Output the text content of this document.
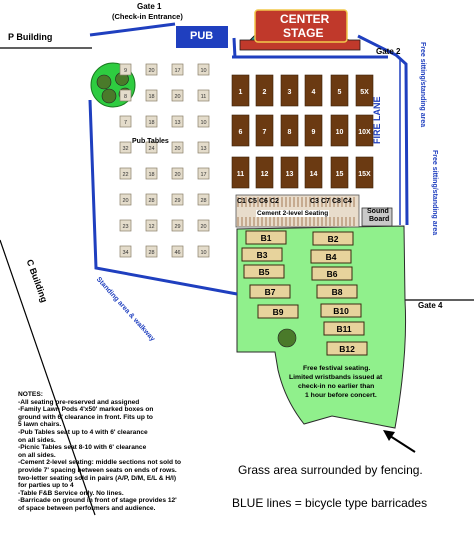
9	20	17	10
8	18	20	11
7	18	13	10
32	24	20	13
22	18	20	17
20	28	29	28
23	12	29	20
34	28	46	10
1	2	3	4	5	5X
6	7	8	9	10 10X
11 12 13 14	15 15X
B1	B2
B3	B4
B5	B6
B7	B8
B9	B10
B11
B12
C1 C5 C6 C2	C3 C7 C8 C4
P Building
Gate 1
(Check-in Entrance)
PUB
CENTER
STAGE
Gate 2
Gate 4
Pub Tables	FIRE LANE	Free sitting/standing area
Free sitting/standing area
Cement 2-level Seating	Sound
Board
C Building	Standing area & walkway
Free festival seating.
Limited wristbands issued at
check-in no earlier than
1 hour before concert.
Grass area surrounded by fencing.
BLUE lines = bicycle type barricades
NOTES:
-All seating pre-reserved and assigned
-Family Lawn Pods 4'x50' marked boxes on
ground with 6' clearance in front. Fits up to
5 lawn chairs.
-Pub Tables seat up to 4 with 6' clearance
on all sides.
-Picnic Tables seat 8-10 with 6' clearance
on all sides.
-Cement 2-level seating: middle sections not sold to
provide 7' spacing between seats on ends of rows.
two-letter seating sold in pairs (A/P, D/M, E/L & H/I)
for parties up to 4
-Table F&B Service only. No lines.
-Barricade on ground in front of stage provides 12'
of space between performers and audience.
